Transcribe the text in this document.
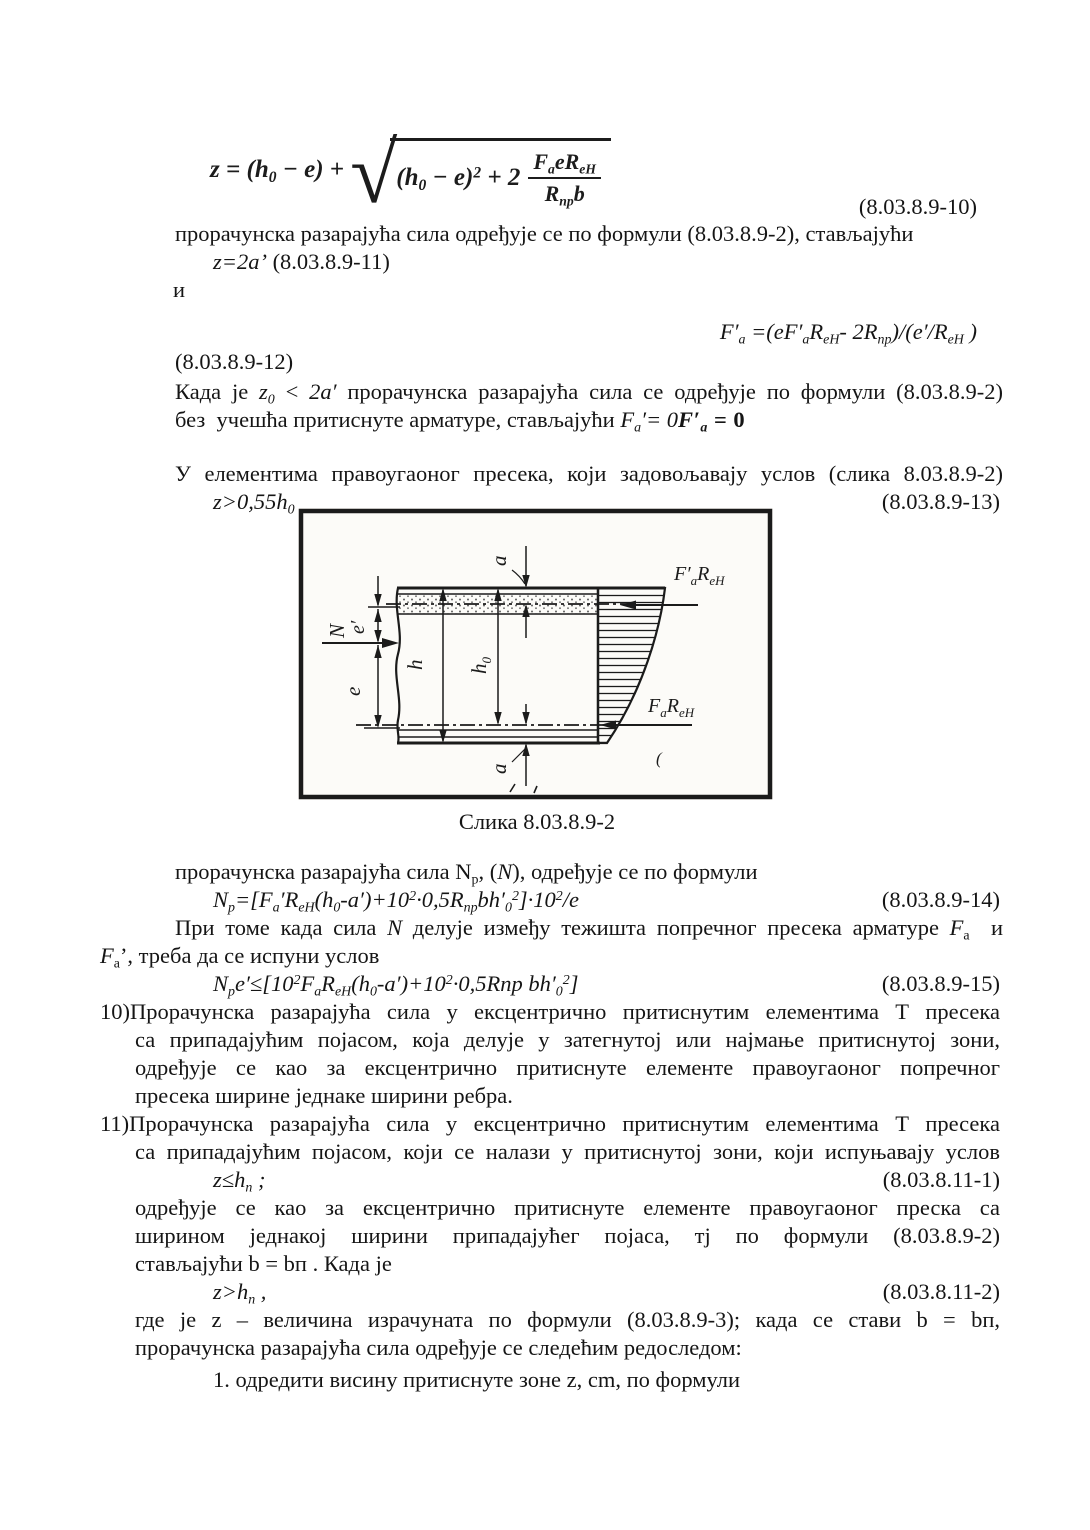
$z = (h_0 - e)$ + √ $(h_0 - e)^2 + 2 \frac{F_aeR_{eH}}{R_{пр}b}$	(8.03.8.9-10)
прорачунска разарајућа сила одређује се по формули (8.03.8.9-2), стављајући
z=2a’ (8.03.8.9-11)
и
$F'_a =(eF'_aR_{eH}-$ $2R_{np})/(e'/R_{eH}$ )
(8.03.8.9-12)
Када је $z_0 < 2a'$ прорачунска разарајућа сила се одређује по формули (8.03.8.9-2)
без  учешћа притиснуте арматуре, стављајући $F_a'= 0F'_a = 0$
У елементима правоугаоног пресека, који задовољавају услов (слика 8.03.8.9-2)
$z>0,55h_0$	(8.03.8.9-13)
h $h_0$
a
a
e′
e
N
$F'_aR_{eH}$
$F_aR_{eH}$
(
Слика 8.03.8.9-2
прорачунска разарајућа сила $N_p$, (N), одређује се по формули
$N_p=[F_a'R_{eH}(h_0-a')+10^2\cdot 0,5R_{np}bh'_0^2]\cdot 10^2/e$	(8.03.8.9-14)
При томе када сила N делује између тежишта попречног пресека арматуре $F_a$  и
$F_a$’, треба да се испуни услов
$N_pe'\le[10^2F_aR_{eH}(h_0-a')+10^2\cdot 0,5Rnp$ $bh'_0^2$]	(8.03.8.9-15)
10)Прорачунска разарајућа сила у ексцентрично притиснутим елементима Т пресека
са припадајућим појасом, која делује у затегнутој или најмање притиснутој зони,
одређује се као за ексцентрично притиснуте елементе правоугаоног попречног
пресека ширине једнаке ширини ребра.
11)Прорачунска разарајућа сила у ексцентрично притиснутим елементима Т пресека
са припадајућим појасом, који се налази у притиснутој зони, који испуњавају услов
$z\le h_n$ ;	(8.03.8.11-1)
одређује се као за ексцентрично притиснуте елементе правоугаоног преска са
ширином једнакој ширини припадајућег појаса, тј по формули (8.03.8.9-2)
стављајући b = bп . Када је
$z>h_n$ ,	(8.03.8.11-2)
где је z – величина израчуната по формули (8.03.8.9-3); када се стави b = bп,
прорачунска разарајућа сила одређује се следећим редоследом:
1. одредити висину притиснуте зоне z, cm, по формули
